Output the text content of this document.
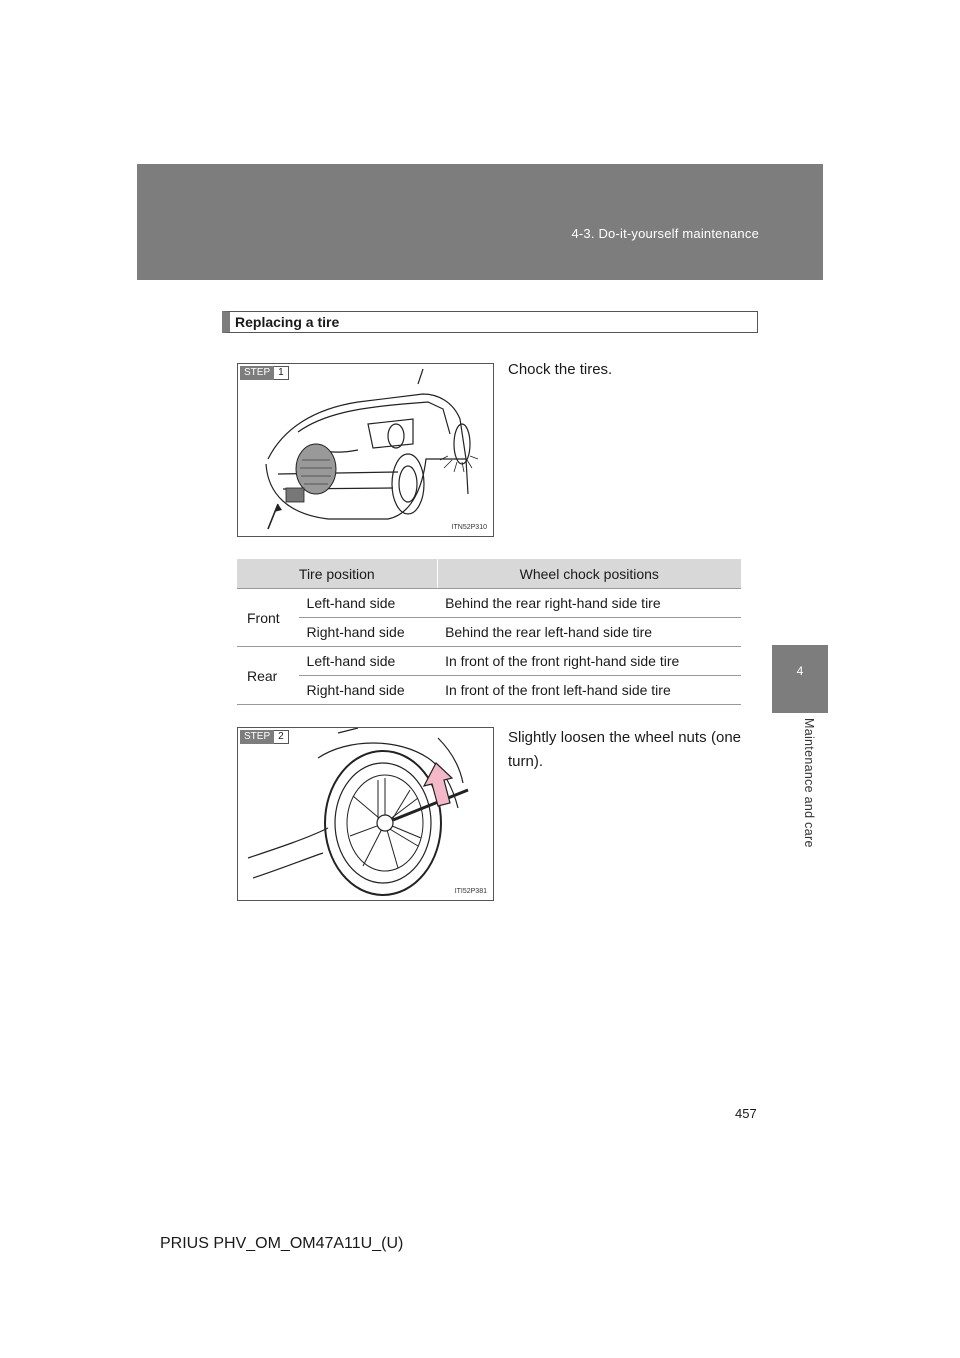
4-3. Do-it-yourself maintenance
4
Maintenance and care
Replacing a tire
STEP 1
ITN52P310
Chock the tires.
Tire position		Wheel chock positions
Front	Left-hand side	Behind the rear right-hand side tire
	Right-hand side	Behind the rear left-hand side tire
Rear	Left-hand side	In front of the front right-hand side tire
	Right-hand side	In front of the front left-hand side tire
STEP 2
ITI52P381
Slightly loosen the wheel nuts (one turn).
457
PRIUS PHV_OM_OM47A11U_(U)
